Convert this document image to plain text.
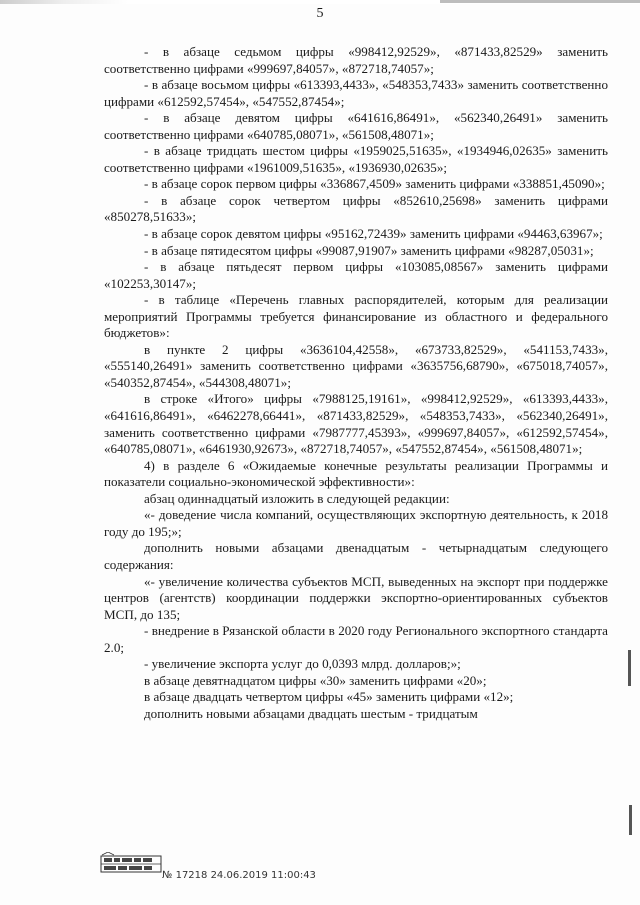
5

- в абзаце седьмом цифры «998412,92529», «871433,82529» заменить соответственно цифрами «999697,84057», «872718,74057»;

- в абзаце восьмом цифры «613393,4433», «548353,7433» заменить соответственно цифрами «612592,57454», «547552,87454»;

- в абзаце девятом цифры «641616,86491», «562340,26491» заменить соответственно цифрами «640785,08071», «561508,48071»;

- в абзаце тридцать шестом цифры «1959025,51635», «1934946,02635» заменить соответственно цифрами «1961009,51635», «1936930,02635»;

- в абзаце сорок первом цифры «336867,4509» заменить цифрами «338851,45090»;

- в абзаце сорок четвертом цифры «852610,25698» заменить цифрами «850278,51633»;

- в абзаце сорок девятом цифры «95162,72439» заменить цифрами «94463,63967»;

- в абзаце пятидесятом цифры «99087,91907» заменить цифрами «98287,05031»;

- в абзаце пятьдесят первом цифры «103085,08567» заменить цифрами «102253,30147»;

- в таблице «Перечень главных распорядителей, которым для реализации мероприятий Программы требуется финансирование из областного и федерального бюджетов»:

в пункте 2 цифры «3636104,42558», «673733,82529», «541153,7433», «555140,26491» заменить соответственно цифрами «3635756,68790», «675018,74057», «540352,87454», «544308,48071»;

в строке «Итого» цифры «7988125,19161», «998412,92529», «613393,4433», «641616,86491», «6462278,66441», «871433,82529», «548353,7433», «562340,26491», заменить соответственно цифрами «7987777,45393», «999697,84057», «612592,57454», «640785,08071», «6461930,92673», «872718,74057», «547552,87454», «561508,48071»;

4) в разделе 6 «Ожидаемые конечные результаты реализации Программы и показатели социально-экономической эффективности»:

абзац одиннадцатый изложить в следующей редакции:

«- доведение числа компаний, осуществляющих экспортную деятельность, к 2018 году до 195;»;

дополнить новыми абзацами двенадцатым - четырнадцатым следующего содержания:

«- увеличение количества субъектов МСП, выведенных на экспорт при поддержке центров (агентств) координации поддержки экспортно-ориентированных субъектов МСП, до 135;

- внедрение в Рязанской области в 2020 году Регионального экспортного стандарта 2.0;

- увеличение экспорта услуг до 0,0393 млрд. долларов;»;

в абзаце девятнадцатом цифры «30» заменить цифрами «20»;

в абзаце двадцать четвертом цифры «45» заменить цифрами «12»;

дополнить новыми абзацами двадцать шестым - тридцатым

№ 17218 24.06.2019 11:00:43
